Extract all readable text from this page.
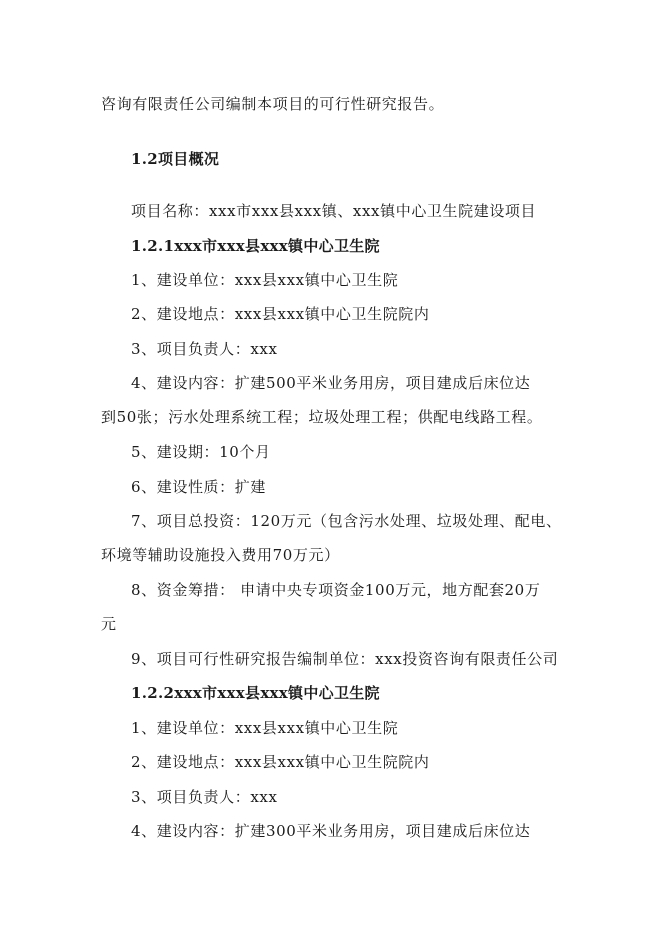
咨询有限责任公司编制本项目的可行性研究报告。
1.2项目概况
项目名称：xxx市xxx县xxx镇、xxx镇中心卫生院建设项目
1.2.1xxx市xxx县xxx镇中心卫生院
1、建设单位：xxx县xxx镇中心卫生院
2、建设地点：xxx县xxx镇中心卫生院院内
3、项目负责人：xxx
4、建设内容：扩建500平米业务用房，项目建成后床位达
到50张；污水处理系统工程；垃圾处理工程；供配电线路工程。
5、建设期：10个月
6、建设性质：扩建
7、项目总投资：120万元（包含污水处理、垃圾处理、配电、
环境等辅助设施投入费用70万元）
8、资金筹措： 申请中央专项资金100万元，地方配套20万
元
9、项目可行性研究报告编制单位：xxx投资咨询有限责任公司
1.2.2xxx市xxx县xxx镇中心卫生院
1、建设单位：xxx县xxx镇中心卫生院
2、建设地点：xxx县xxx镇中心卫生院院内
3、项目负责人：xxx
4、建设内容：扩建300平米业务用房，项目建成后床位达
